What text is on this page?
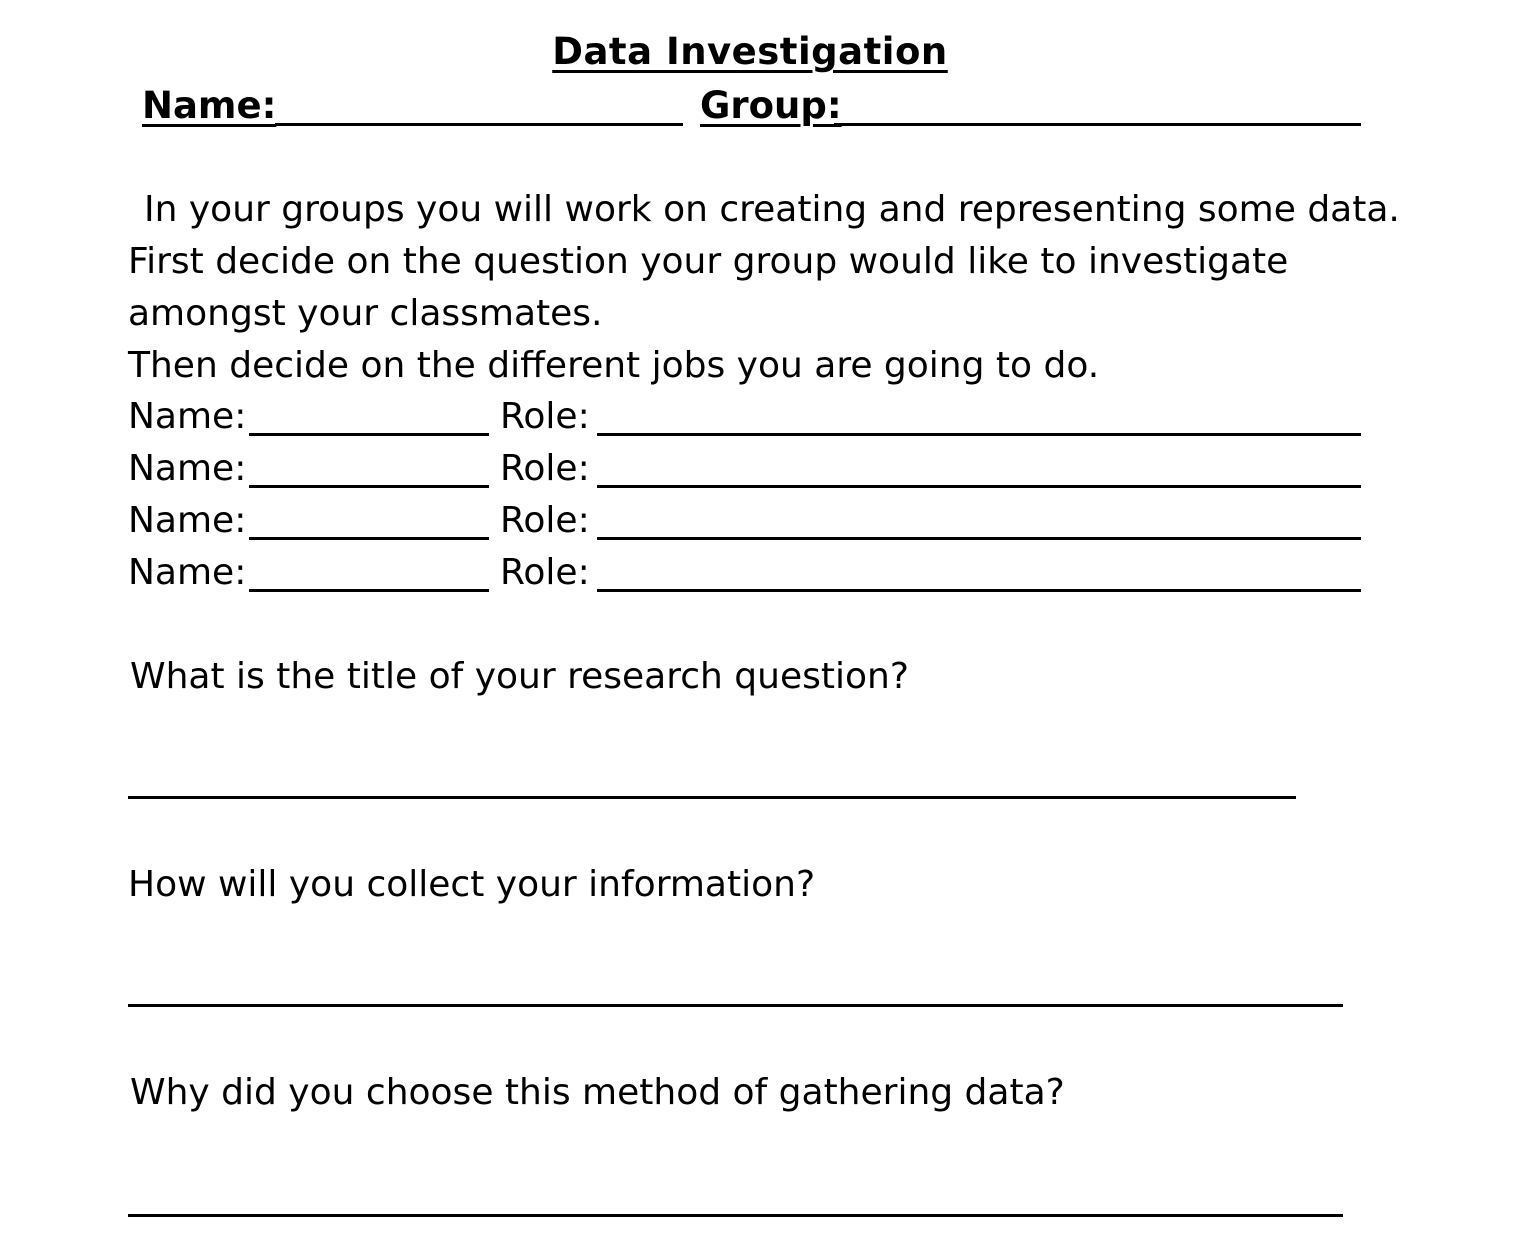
Data Investigation
Name:	Group:
In your groups you will work on creating and representing some data.
First decide on the question your group would like to investigate
amongst your classmates.
Then decide on the different jobs you are going to do.
Name:	Role:
Name:	Role:
Name:	Role:
Name:	Role:
What is the title of your research question?
How will you collect your information?
Why did you choose this method of gathering data?
